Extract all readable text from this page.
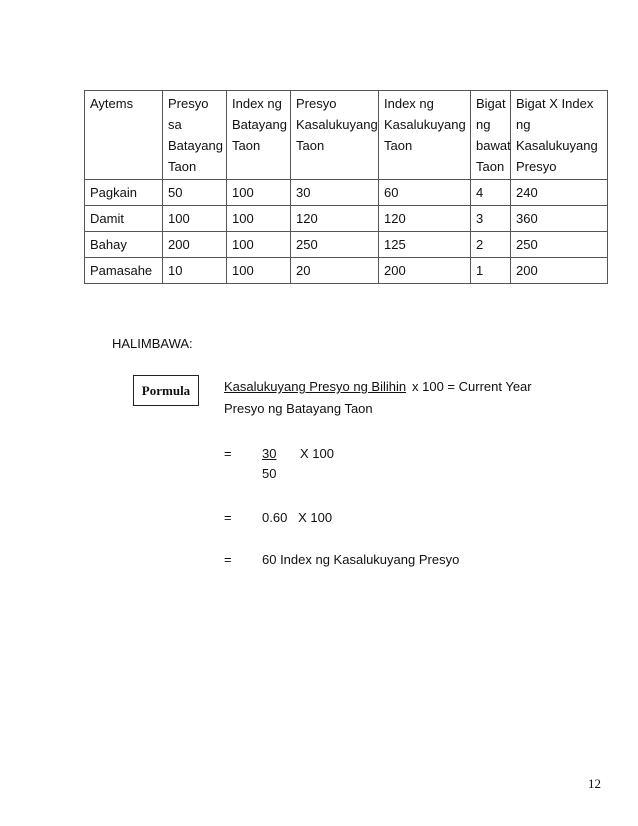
Aytems	Presyo
sa
Batayang
Taon	Index ng
Batayang
Taon	Presyo
Kasalukuyang
Taon	Index ng
Kasalukuyang
Taon	Bigat
ng
bawat
Taon	Bigat X Index
ng
Kasalukuyang
Presyo

Pagkain	50	100	30	60	4	240
Damit	100	100	120	120	3	360
Bahay	200	100	250	125	2	250
Pamasahe	10	100	20	200	1	200
HALIMBAWA:
Pormula	Kasalukuyang Presyo ng Bilihin x 100 = Current Year
Presyo ng Batayang Taon
= 30 X 100
50
= 0.60   X 100
= 60 Index ng Kasalukuyang Presyo
12
